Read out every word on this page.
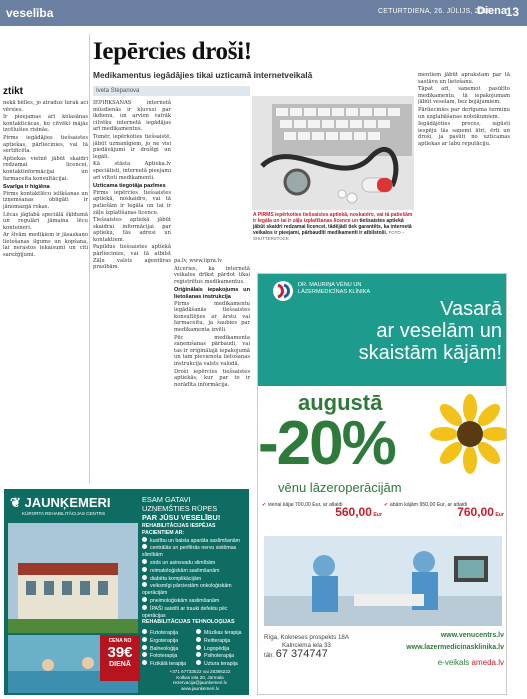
veselība	CETURTDIENA, 26. JŪLIJS, 2018
Diena
13
ztikt

nekā bēlles, jo atradus turak aci vērsies.

Ir pieejamas arī kolasānas kontakticācas, ko citvēki mājās izcēlušies risinās.

Pirms iegādājies tiešsaistes aptiekas, pārliecinies, vai tā sertificēta.

Aptiekas vietnē jābūt skaidri redzamai licencei, kontaktinformācijai un farmaceita konsultācijai.

Svarīga ir higiēna

Pirms kontaktlēcu ielikšanas un izņemšanas obligāti ir jānomazgā rokas.

Lēcas jāglabā speciālā šķīdumā un regulāri jāmaina lēcu konteineri.

Ar šīvām mediķiem ir jāsaskaņo lietošanas ilgums un kopšana, lai nerastos iekaisumi un citi sarežģījumi.

Iepērcies droši!
Medikamentus iegādājies tikai uzticamā internetveikalā
Iveta Stepanova

IEPIRKŠANĀS internetā mūsdienās ir kļuvusi par ikdienu, un arvien vairāk cilvēku internetā iegādājas arī medikamentus.

Tomēr, iepērkoties tiešsaistē, jābūt uzmanīgiem, jo ne visi piedāvājumi ir drošīgi un legāli.

Kā stāsta Aptieka.lv speciālisti, internetā pieejami arī viltoti medikamenti.

Uzticama tiegotāja pazīmes

Pirms iepērcies tiešsaistes aptiekā, noskaidro, vai tā patiešām ir legāla un tai ir zāļu izplatīšanas licence.

Tiešsaistes aptiekā jābūt skaidrai informācijai par aptieku, tās adresi un kontaktiem.

Papildus tiešsaistes aptiekā pārliecinies, vai tā atbilst Zāļu valsts aģentūras prasībām.

pa.lv, www.lipra.lv

Atceries, ka internetā veikalos drīkst pārdot tikai reģistrētus medikamentus.

Oriģinālais iepakojums un lietošanas instrukcija

Pirms medikamentu iegādāšanās tiešsaistes konsultējies ar ārstu vai farmaceitu, ja šaubies par medikamenta izvēli.

Pēc medikamenta saņemšanas pārbaudi, vai tas ir oriģinālajā iepakojumā un tam pievienota lietošanas instrukcija valsts valodā.

Droši iepērcies tiešsaistes aptiekās, kur par to ir norādīta informācija.

A PIRMS iepērkoties tiešsaistes aptiekā, noskaidro, vai tā patiešām ir legāla un tai ir zāļu izplatīšanas licence un tiešsaistes aptiekā jābūt skaidri redzamai licencei, tādējādi tiek garantēts, ka internetā veikalos ir pieejami, pārbaudīti medikamenti ir atbilstoši. FOTO – SHUTTERSTOCK

mentiem jābūt aprakstam par tā sastāvu un lietošanu.

Tāpat arī, saņemot pasūtīto medikamentu, tā iepakojumam jābūt veselam, bez bojājumiem.

Pārliecinies par derīguma termiņu un uzglabāšanas noteikumiem.

Iegādājoties preces, iegūsti iespēju tās saņemt ātri, ērti un droši, ja pasūti no uzticamas aptiekas ar labu reputāciju.

DR. MAURIŅA VĒNU UN
LĀZERMEDICĪNAS KLĪNIKA
Vasarā
ar veselām un
skaistām kājām!
augustā
-20%
vēnu lāzeroperācijām
✔ vienai kājai 700,00 Eur, ar atlaidi
560,00 Eur
✔ abām kājām 950,00 Eur, ar atlaidi
760,00 Eur
Rīga, Kokneses prospekts 18A
Kalnciema iela 33
tālr. 67 374747
www.venucentrs.lv
www.lazermedicinasklinika.lv
e-veikals ameda.lv
❦ JAUNĶEMERI
KŪRORTA REHABILITĀCIJAS CENTRS
ESAM GATAVI
UZŅEMŠTIES RŪPES
PAR JŪSU VESELĪBU!
REHABILITĀCIJAS IESPĒJAS PACIENTIEM AR:
kustību un balsta aparāta saslimšanām
centrālās un perifērās nervu sistēmas slimībām
sirds un asinsvadu slimībām
reimatoloģiskām saslimšanām
diabēta komplikācijām
veiksmīgi pārciestām onkoloģiskām operācijām
pneimoloģiskām saslimšanām
ĪPAŠI saistīti ar trauki defektu pēc operācijas
REHABILITĀCIJAS TEHNOLOĢIJAS
Fizioterapija
Ergoterapija
Balneoloģija
Fototerapija
Fizikālā terapija
Mūzikas terapija
Reitterapija
Logopēdija
Psihoterapija
Uztura terapija
CENA NO
39€
DIENĀ
+371 67733522 vai 26386222
Kolkas iela 20, Jūrmala
rezervacija@jaunkemeri.lv
www.jaunkemeri.lv
